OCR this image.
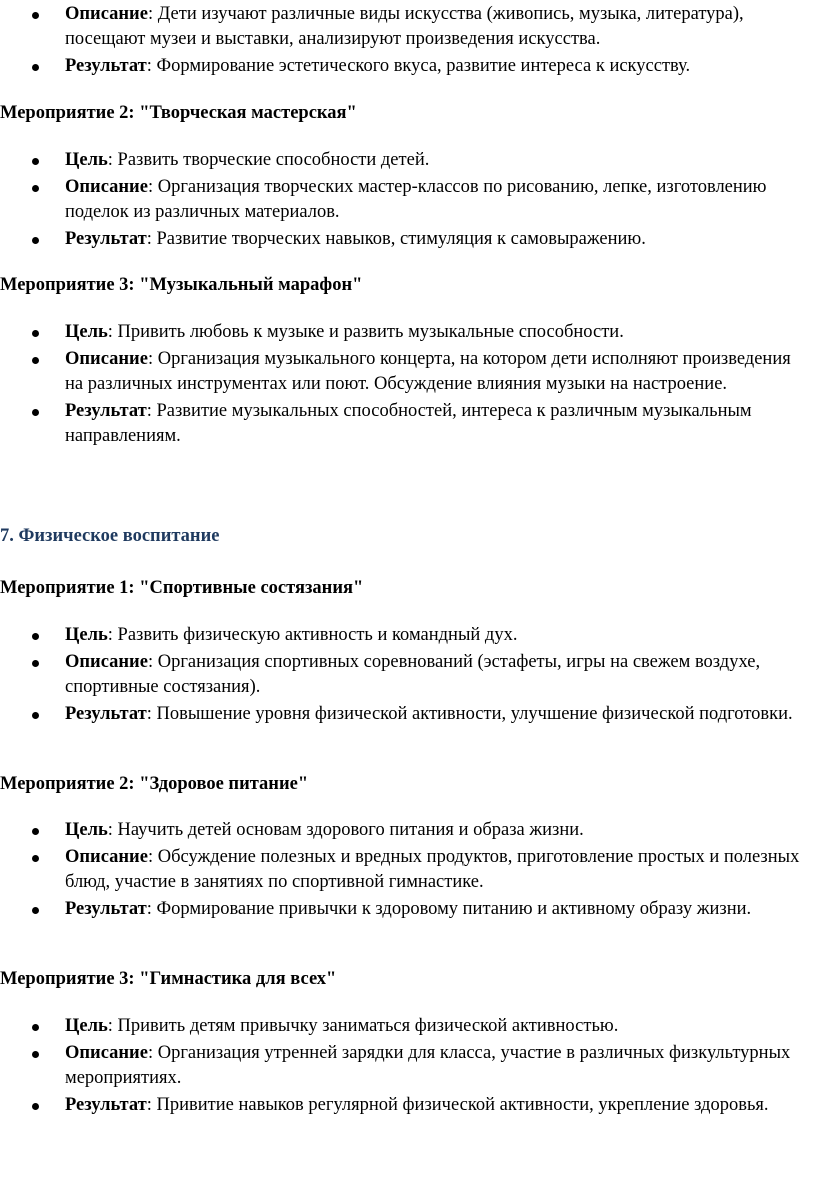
Описание: Дети изучают различные виды искусства (живопись, музыка, литература), посещают музеи и выставки, анализируют произведения искусства.
Результат: Формирование эстетического вкуса, развитие интереса к искусству.

Мероприятие 2: "Творческая мастерская"

Цель: Развить творческие способности детей.
Описание: Организация творческих мастер-классов по рисованию, лепке, изготовлению поделок из различных материалов.
Результат: Развитие творческих навыков, стимуляция к самовыражению.

Мероприятие 3: "Музыкальный марафон"

Цель: Привить любовь к музыке и развить музыкальные способности.
Описание: Организация музыкального концерта, на котором дети исполняют произведения на различных инструментах или поют. Обсуждение влияния музыки на настроение.
Результат: Развитие музыкальных способностей, интереса к различным музыкальным направлениям.

7. Физическое воспитание

Мероприятие 1: "Спортивные состязания"

Цель: Развить физическую активность и командный дух.
Описание: Организация спортивных соревнований (эстафеты, игры на свежем воздухе, спортивные состязания).
Результат: Повышение уровня физической активности, улучшение физической подготовки.

Мероприятие 2: "Здоровое питание"

Цель: Научить детей основам здорового питания и образа жизни.
Описание: Обсуждение полезных и вредных продуктов, приготовление простых и полезных блюд, участие в занятиях по спортивной гимнастике.
Результат: Формирование привычки к здоровому питанию и активному образу жизни.

Мероприятие 3: "Гимнастика для всех"

Цель: Привить детям привычку заниматься физической активностью.
Описание: Организация утренней зарядки для класса, участие в различных физкультурных мероприятиях.
Результат: Привитие навыков регулярной физической активности, укрепление здоровья.
